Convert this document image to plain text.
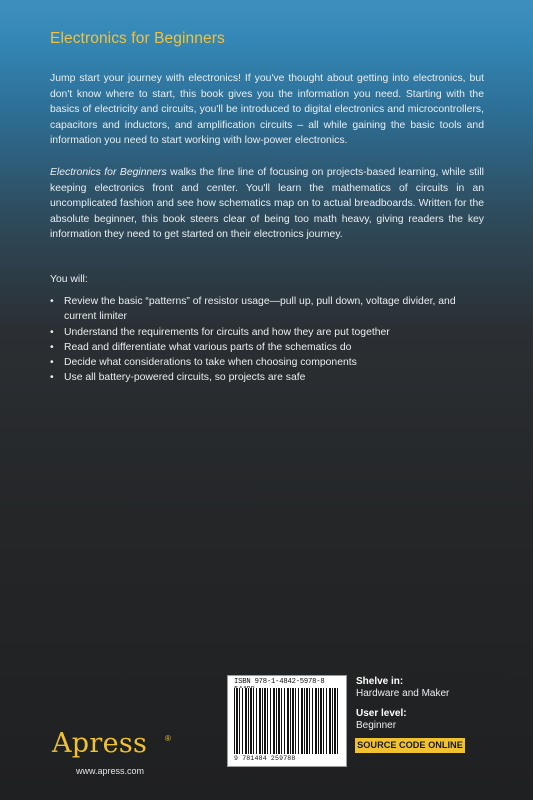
Electronics for Beginners

Jump start your journey with electronics! If you've thought about getting into electronics, but don't know where to start, this book gives you the information you need. Starting with the basics of electricity and circuits, you'll be introduced to digital electronics and microcontrollers, capacitors and inductors, and amplification circuits – all while gaining the basic tools and information you need to start working with low-power electronics.

Electronics for Beginners walks the fine line of focusing on projects-based learning, while still keeping electronics front and center. You'll learn the mathematics of circuits in an uncomplicated fashion and see how schematics map on to actual breadboards. Written for the absolute beginner, this book steers clear of being too math heavy, giving readers the key information they need to get started on their electronics journey.

You will:

• Review the basic “patterns” of resistor usage—pull up, pull down, voltage divider, and current limiter
• Understand the requirements for circuits and how they are put together
• Read and differentiate what various parts of the schematics do
• Decide what considerations to take when choosing components
• Use all battery-powered circuits, so projects are safe
ISBN 978-1-4842-5978-8
9 781484 259788
Shelve in:
Hardware and Maker
User level:
Beginner
SOURCE CODE ONLINE
Apress ®
www.apress.com
